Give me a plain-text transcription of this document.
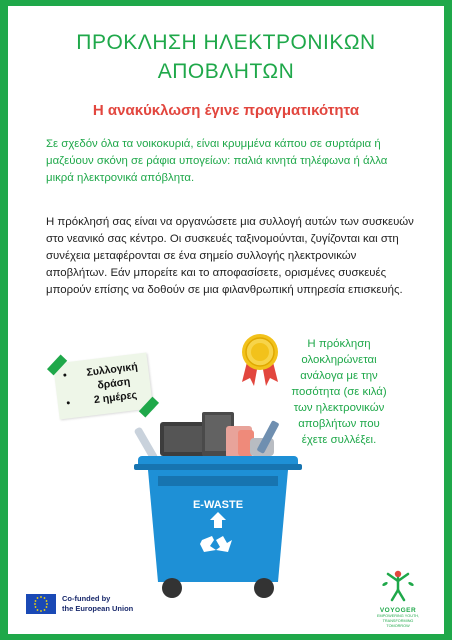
ΠΡΟΚΛΗΣΗ ΗΛΕΚΤΡΟΝΙΚΩΝ
ΑΠΟΒΛΗΤΩΝ
Η ανακύκλωση έγινε πραγματικότητα
Σε σχεδόν όλα τα νοικοκυριά, είναι κρυμμένα κάπου σε συρτάρια ή μαζεύουν σκόνη σε ράφια υπογείων: παλιά κινητά τηλέφωνα ή άλλα μικρά ηλεκτρονικά απόβλητα.
Η πρόκλησή σας είναι να οργανώσετε μια συλλογή αυτών των συσκευών στο νεανικό σας κέντρο. Οι συσκευές ταξινομούνται, ζυγίζονται και στη συνέχεια μεταφέρονται σε ένα σημείο συλλογής ηλεκτρονικών αποβλήτων. Εάν μπορείτε και το αποφασίσετε, ορισμένες συσκευές μπορούν επίσης να δοθούν σε μια φιλανθρωπική υπηρεσία επισκευής.
• Συλλογική δράση
• 2 ημέρες
Η πρόκληση ολοκληρώνεται ανάλογα με την ποσότητα (σε κιλά) των ηλεκτρονικών αποβλήτων που έχετε συλλέξει.
E-WASTE
Co-funded by
the European Union	VOYOGER
EMPOWERING YOUTH,
TRANSFORMING
TOMORROW
